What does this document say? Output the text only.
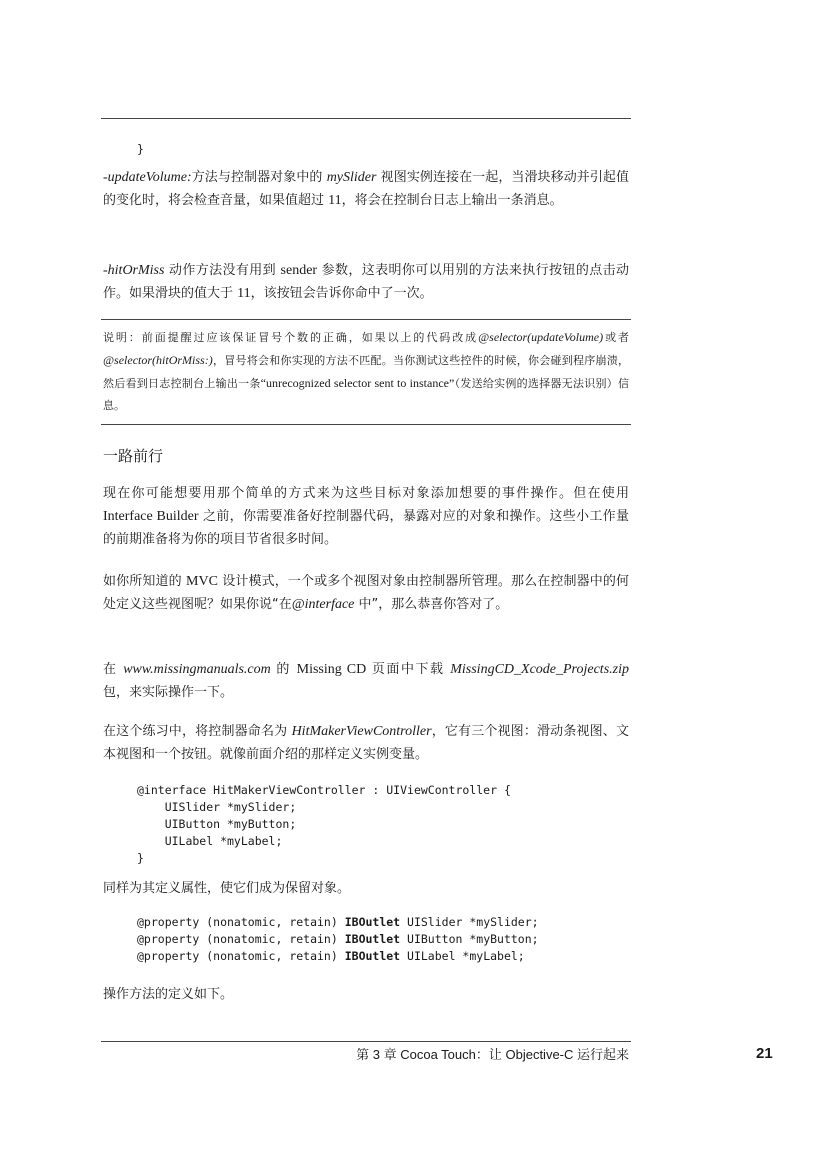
}

-updateVolume:方法与控制器对象中的 mySlider 视图实例连接在一起，当滑块移动并引起值的变化时，将会检查音量，如果值超过 11，将会在控制台日志上输出一条消息。

-hitOrMiss 动作方法没有用到 sender 参数，这表明你可以用别的方法来执行按钮的点击动作。如果滑块的值大于 11，该按钮会告诉你命中了一次。

说明：前面提醒过应该保证冒号个数的正确，如果以上的代码改成@selector(updateVolume)或者@selector(hitOrMiss:)，冒号将会和你实现的方法不匹配。当你测试这些控件的时候，你会碰到程序崩溃，然后看到日志控制台上输出一条“unrecognized selector sent to instance”（发送给实例的选择器无法识别）信息。

一路前行

现在你可能想要用那个简单的方式来为这些目标对象添加想要的事件操作。但在使用 Interface Builder 之前，你需要准备好控制器代码，暴露对应的对象和操作。这些小工作量的前期准备将为你的项目节省很多时间。

如你所知道的 MVC 设计模式，一个或多个视图对象由控制器所管理。那么在控制器中的何处定义这些视图呢？如果你说“在@interface 中”，那么恭喜你答对了。

在 www.missingmanuals.com 的 Missing CD 页面中下载 MissingCD_Xcode_Projects.zip 包，来实际操作一下。

在这个练习中，将控制器命名为 HitMakerViewController，它有三个视图：滑动条视图、文本视图和一个按钮。就像前面介绍的那样定义实例变量。

@interface HitMakerViewController : UIViewController {
UISlider *mySlider;
UIButton *myButton;
UILabel *myLabel;
}

同样为其定义属性，使它们成为保留对象。

@property (nonatomic, retain) IBOutlet UISlider *mySlider;
@property (nonatomic, retain) IBOutlet UIButton *myButton;
@property (nonatomic, retain) IBOutlet UILabel *myLabel;

操作方法的定义如下。

第 3 章 Cocoa Touch：让 Objective-C 运行起来	21
